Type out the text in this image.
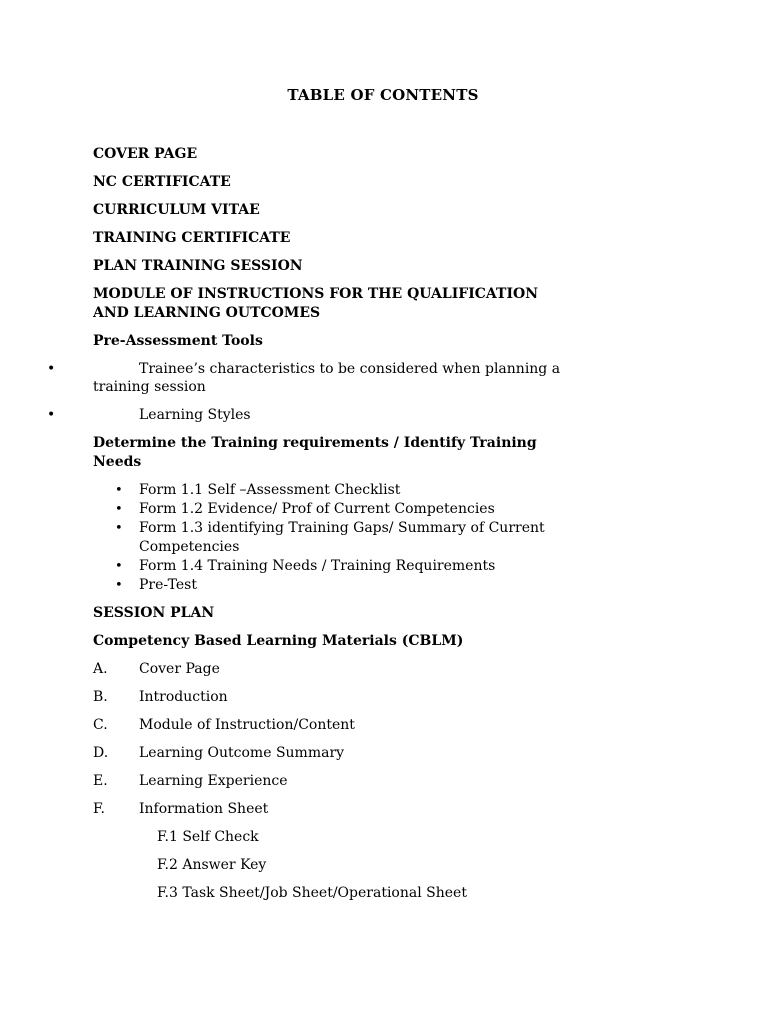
TABLE OF CONTENTS
COVER PAGE
NC CERTIFICATE
CURRICULUM VITAE
TRAINING CERTIFICATE
PLAN TRAINING SESSION
MODULE OF INSTRUCTIONS FOR THE QUALIFICATION AND LEARNING OUTCOMES
Pre-Assessment Tools
•	Trainee’s characteristics to be considered when planning a training session
•	Learning Styles
Determine the Training requirements / Identify Training Needs
• Form 1.1 Self –Assessment Checklist
• Form 1.2 Evidence/ Prof of Current Competencies
• Form 1.3 identifying Training Gaps/ Summary of Current Competencies
• Form 1.4 Training Needs / Training Requirements
• Pre-Test
SESSION PLAN
Competency Based Learning Materials (CBLM)
A. Cover Page
B. Introduction
C. Module of Instruction/Content
D. Learning Outcome Summary
E. Learning Experience
F. Information Sheet
F.1 Self Check
F.2 Answer Key
F.3 Task Sheet/Job Sheet/Operational Sheet
